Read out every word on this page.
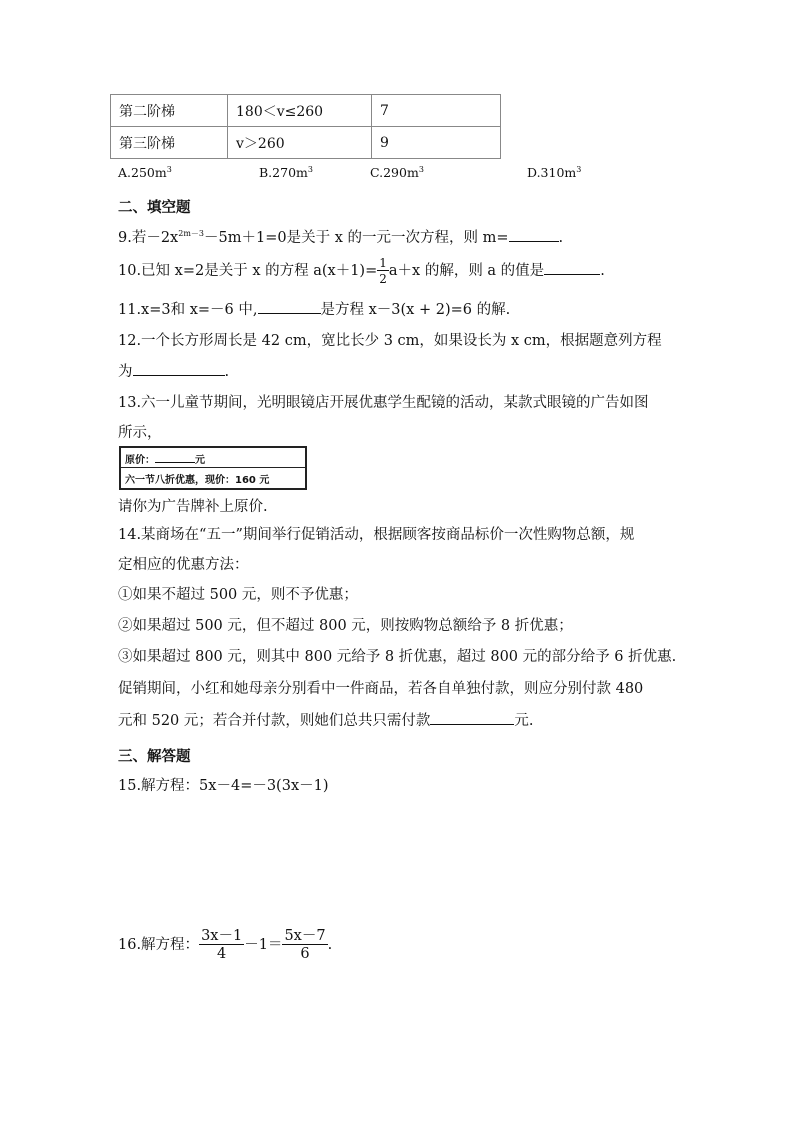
第二阶梯	180＜v≤260	7
第三阶梯	v＞260	9
$A.250m^3$	$B.270m^3$	$C.290m^3$	$D.310m^3$
二、填空题
9.若$-2x^{2m-3}-5m+1=0$是关于 x 的一元一次方程，则 m=	.
10.已知 x=2是关于 x 的方程 $a(x+1)= \frac{1}{2} a+x$ 的解，则 a 的值是	.
11.x=3和 x=－6 中,	是方程 x－3(x + 2)=6 的解.
12.一个长方形周长是 42 cm，宽比长少 3 cm，如果设长为 x cm，根据题意列方程
为	.
13.六一儿童节期间，光明眼镜店开展优惠学生配镜的活动，某款式眼镜的广告如图
所示，
原价：	元
六一节八折优惠，现价：160 元
请你为广告牌补上原价.
14.某商场在“五一”期间举行促销活动，根据顾客按商品标价一次性购物总额，规
定相应的优惠方法：
①如果不超过 500 元，则不予优惠；
②如果超过 500 元，但不超过 800 元，则按购物总额给予 8 折优惠；
③如果超过 800 元，则其中 800 元给予 8 折优惠，超过 800 元的部分给予 6 折优惠.
促销期间，小红和她母亲分别看中一件商品，若各自单独付款，则应分别付款 480
元和 520 元；若合并付款，则她们总共只需付款	元.
三、解答题
15.解方程：5x－4=－3(3x－1)
16.解方程： $\frac{3x-1}{4} -1= \frac{5x-7}{6}$ .
